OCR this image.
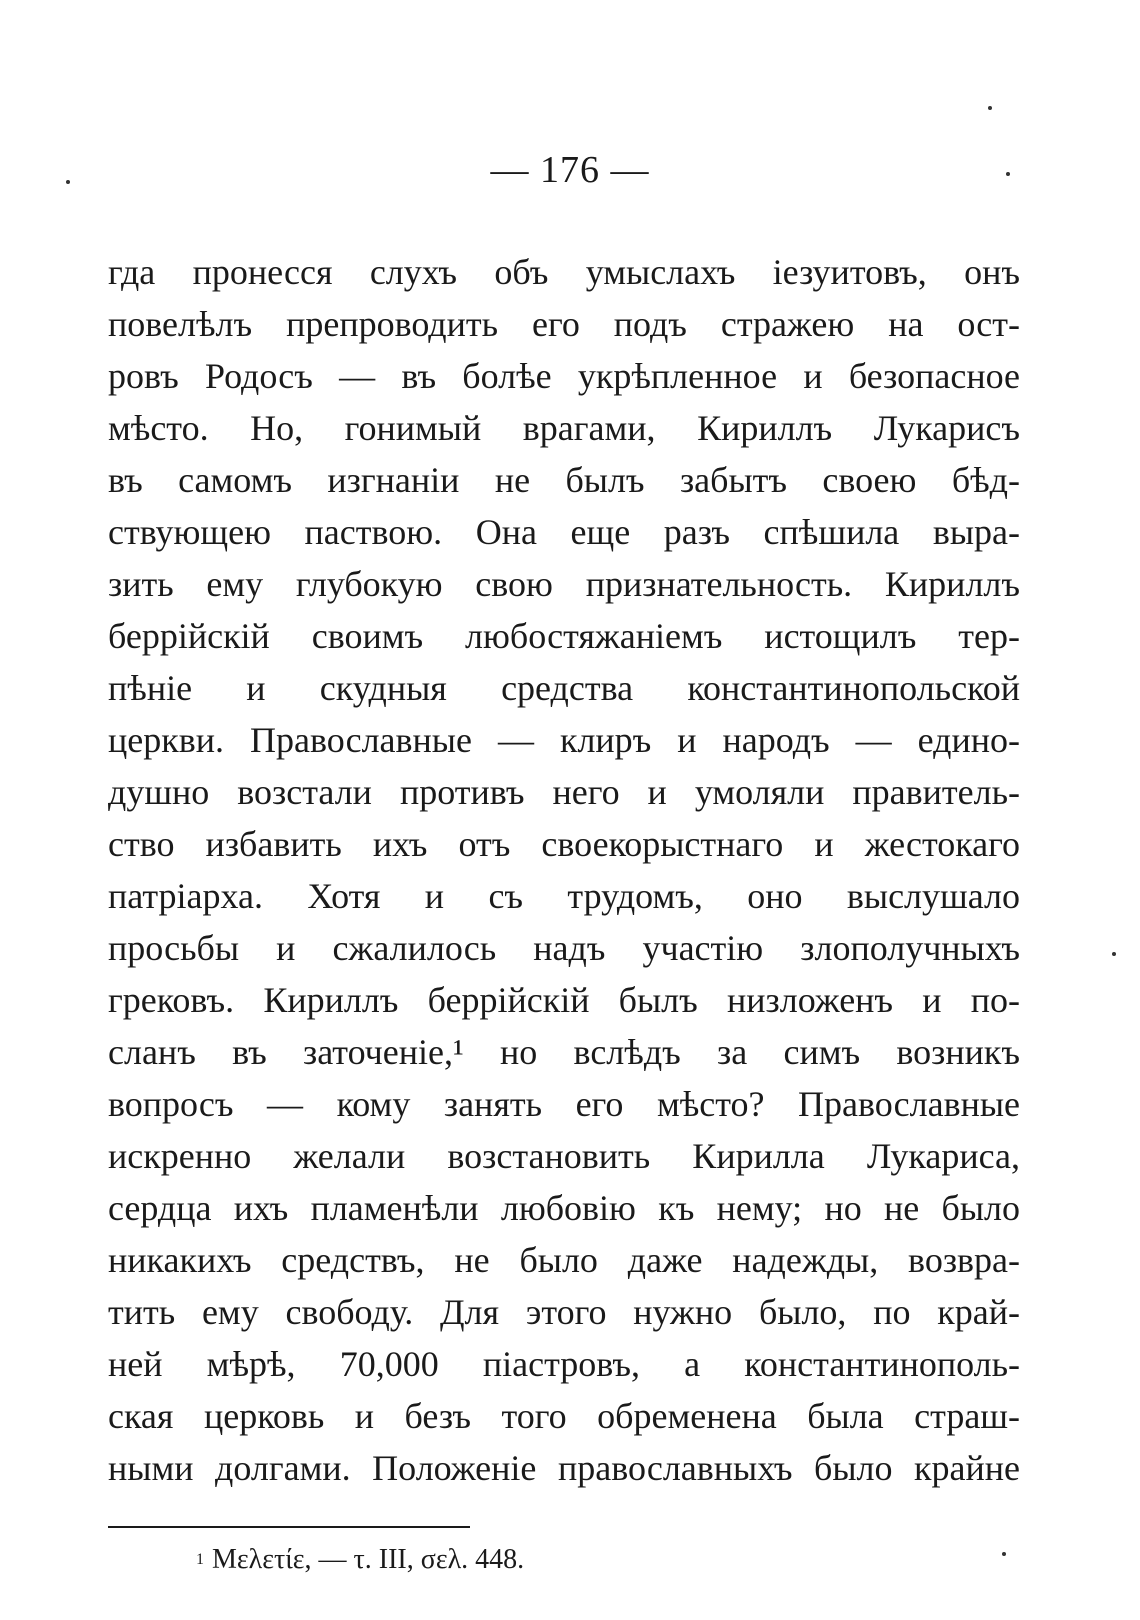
— 176 —
гда пронесся слухъ объ умыслахъ іезуитовъ, онъ
повелѣлъ препроводить его подъ стражею на ост-
ровъ Родосъ — въ болѣе укрѣпленное и безопасное
мѣсто. Но, гонимый врагами, Кириллъ Лукарисъ
въ самомъ изгнаніи не былъ забытъ своею бѣд-
ствующею паствою. Она еще разъ спѣшила выра-
зить ему глубокую свою признательность. Кириллъ
беррійскій своимъ любостяжаніемъ истощилъ тер-
пѣніе и скудныя средства константинопольской
церкви. Православные — клиръ и народъ — едино-
душно возстали противъ него и умоляли правитель-
ство избавить ихъ отъ своекорыстнаго и жестокаго
патріарха. Хотя и съ трудомъ, оно выслушало
просьбы и сжалилось надъ участію злополучныхъ
грековъ. Кириллъ беррійскій былъ низложенъ и по-
сланъ въ заточеніе,¹ но вслѣдъ за симъ возникъ
вопросъ — кому занять его мѣсто? Православные
искренно желали возстановить Кирилла Лукариса,
сердца ихъ пламенѣли любовію къ нему; но не было
никакихъ средствъ, не было даже надежды, возвра-
тить ему свободу. Для этого нужно было, по край-
ней мѣрѣ, 70,000 піастровъ, а константинополь-
ская церковь и безъ того обременена была страш-
ными долгами. Положеніе православныхъ было крайне
$^1$ Μελετίε, — τ. III, σελ. 448.
